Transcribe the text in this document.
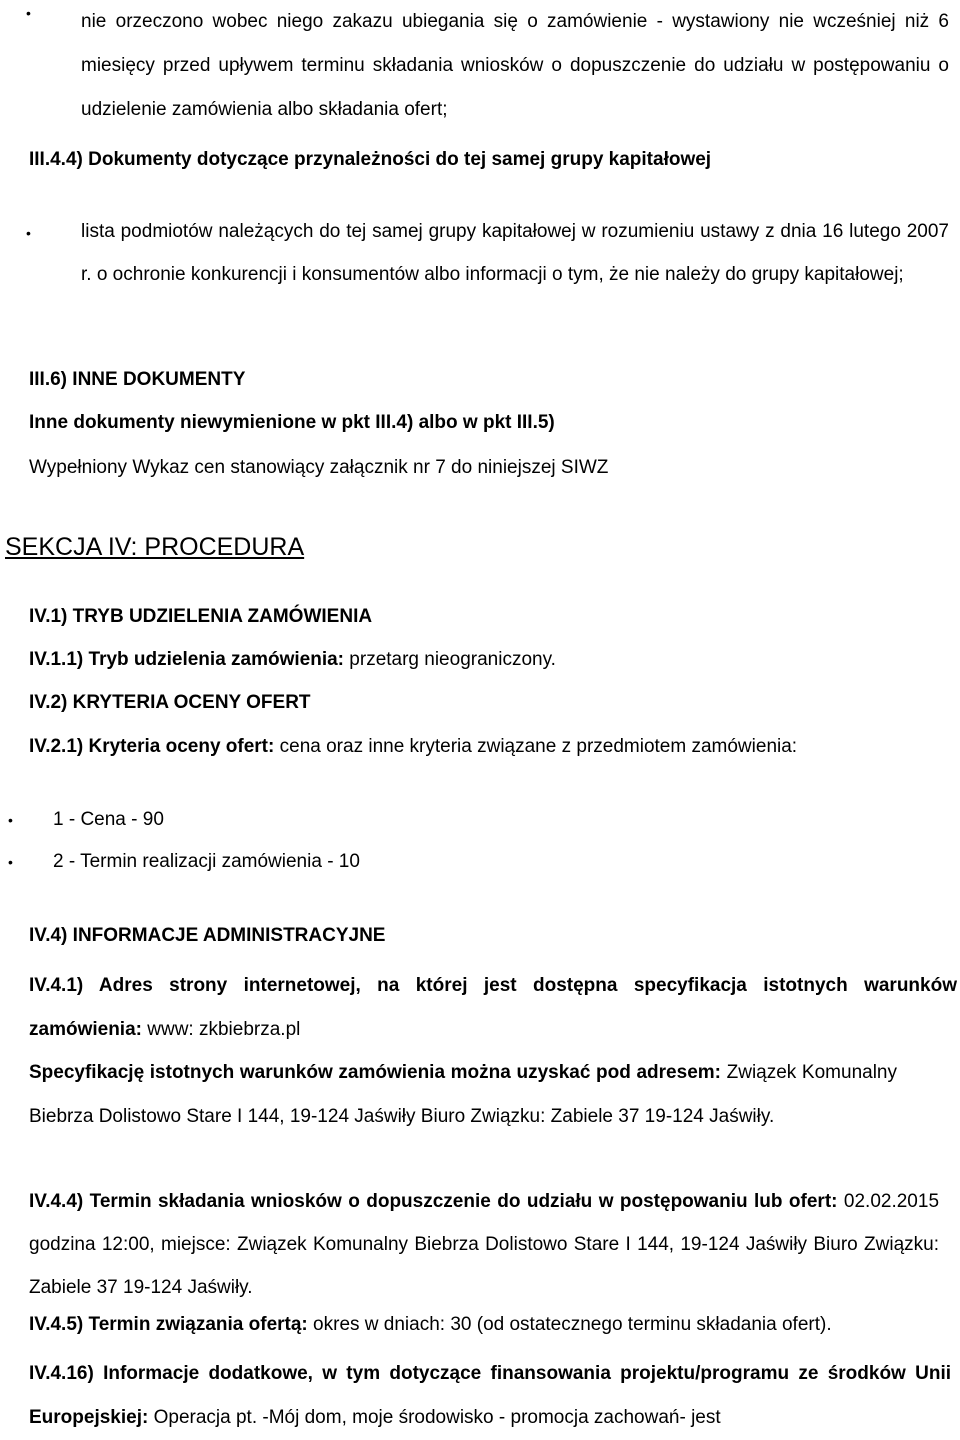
•	nie orzeczono wobec niego zakazu ubiegania się o zamówienie - wystawiony nie wcześniej niż 6 miesięcy przed upływem terminu składania wniosków o dopuszczenie do udziału w postępowaniu o udzielenie zamówienia albo składania ofert;

III.4.4) Dokumenty dotyczące przynależności do tej samej grupy kapitałowej
•	lista podmiotów należących do tej samej grupy kapitałowej w rozumieniu ustawy z dnia 16 lutego 2007 r. o ochronie konkurencji i konsumentów albo informacji o tym, że nie należy do grupy kapitałowej;

III.6) INNE DOKUMENTY
Inne dokumenty niewymienione w pkt III.4) albo w pkt III.5)
Wypełniony Wykaz cen stanowiący załącznik nr 7 do niniejszej SIWZ
SEKCJA IV: PROCEDURA
IV.1) TRYB UDZIELENIA ZAMÓWIENIA
IV.1.1) Tryb udzielenia zamówienia: przetarg nieograniczony.
IV.2) KRYTERIA OCENY OFERT
IV.2.1) Kryteria oceny ofert: cena oraz inne kryteria związane z przedmiotem zamówienia:
• 1 - Cena - 90
• 2 - Termin realizacji zamówienia - 10
IV.4) INFORMACJE ADMINISTRACYJNE

IV.4.1) Adres strony internetowej, na której jest dostępna specyfikacja istotnych warunków zamówienia: www: zkbiebrza.pl

Specyfikację istotnych warunków zamówienia można uzyskać pod adresem: Związek Komunalny Biebrza Dolistowo Stare I 144, 19-124 Jaświły Biuro Związku: Zabiele 37 19-124 Jaświły.

IV.4.4) Termin składania wniosków o dopuszczenie do udziału w postępowaniu lub ofert: 02.02.2015 godzina 12:00, miejsce: Związek Komunalny Biebrza Dolistowo Stare I 144, 19-124 Jaświły Biuro Związku: Zabiele 37 19-124 Jaświły.

IV.4.5) Termin związania ofertą: okres w dniach: 30 (od ostatecznego terminu składania ofert).

IV.4.16) Informacje dodatkowe, w tym dotyczące finansowania projektu/programu ze środków Unii Europejskiej: Operacja pt. -Mój dom, moje środowisko - promocja zachowań- jest
